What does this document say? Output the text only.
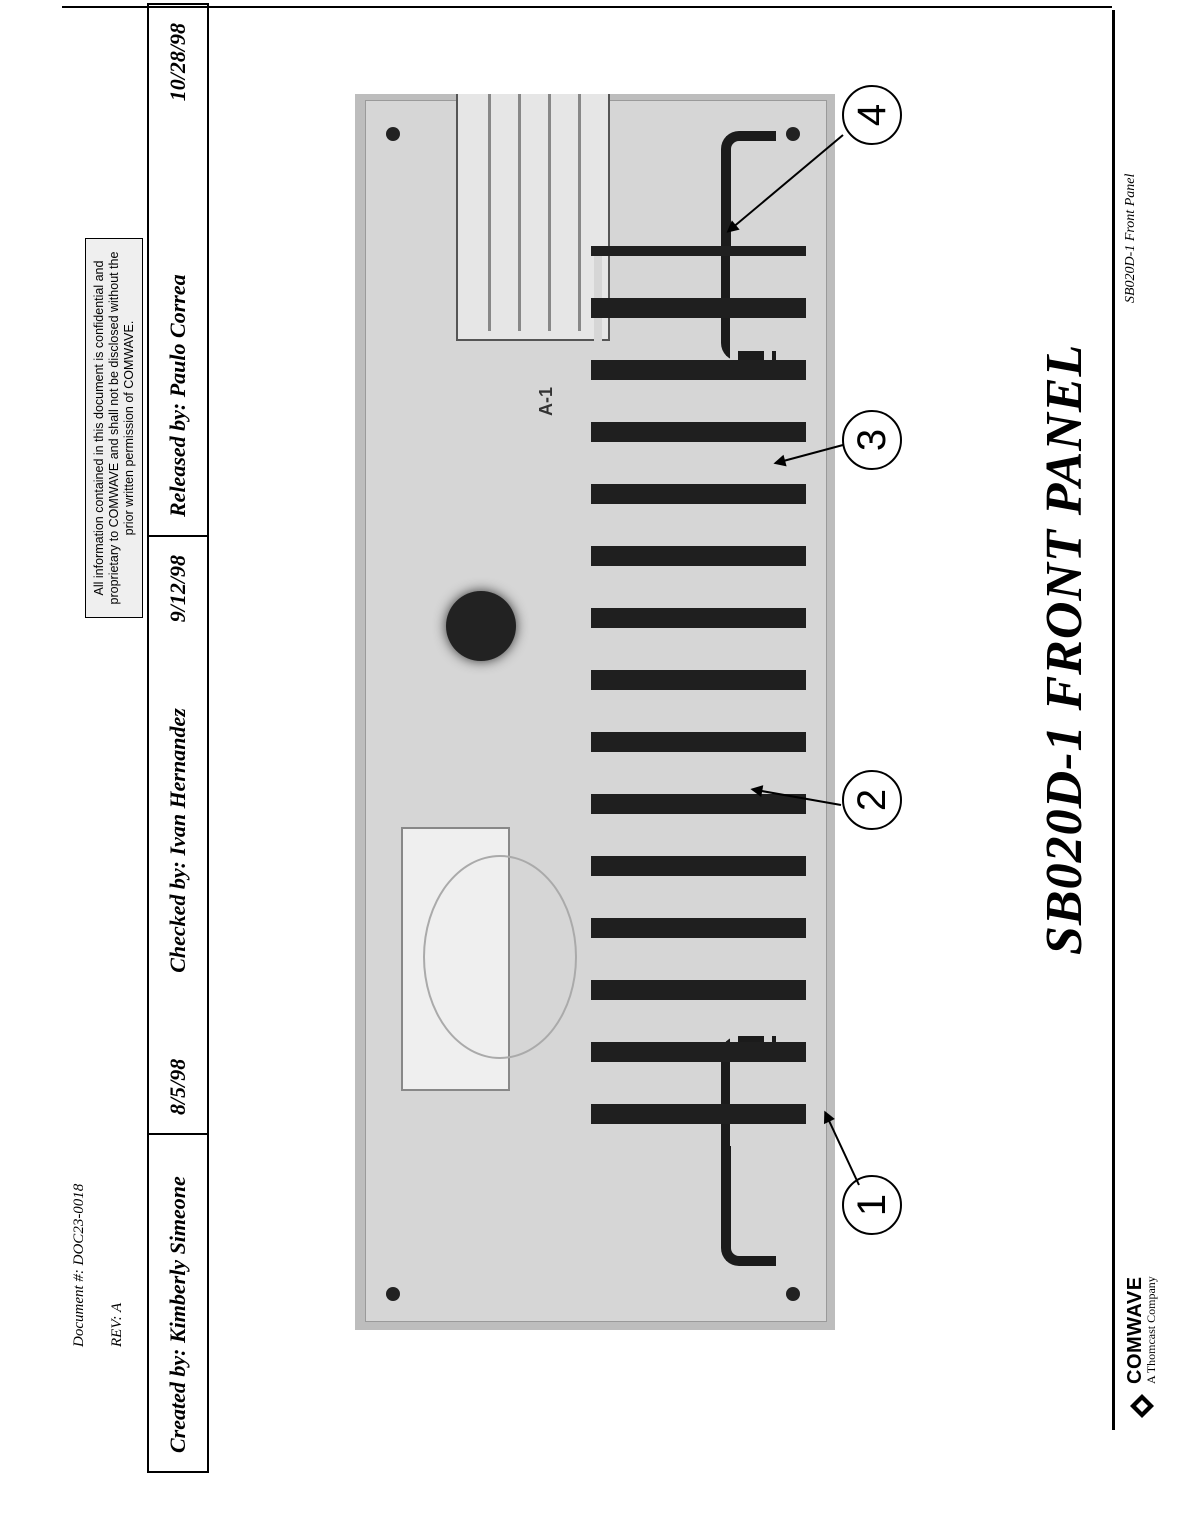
COMWAVE
A Thomcast Company
SB020D-1 Front Panel
SB020D-1 FRONT PANEL
A-1
1
2
3
4
Created by: Kimberly Simeone
8/5/98
Checked by: Ivan Hernandez
9/12/98
Released by: Paulo Correa
10/28/98
Document #: DOC23-0018	REV: A
All information contained in this document is confidential and proprietary to COMWAVE and shall not be disclosed without the prior written permission of COMWAVE.
